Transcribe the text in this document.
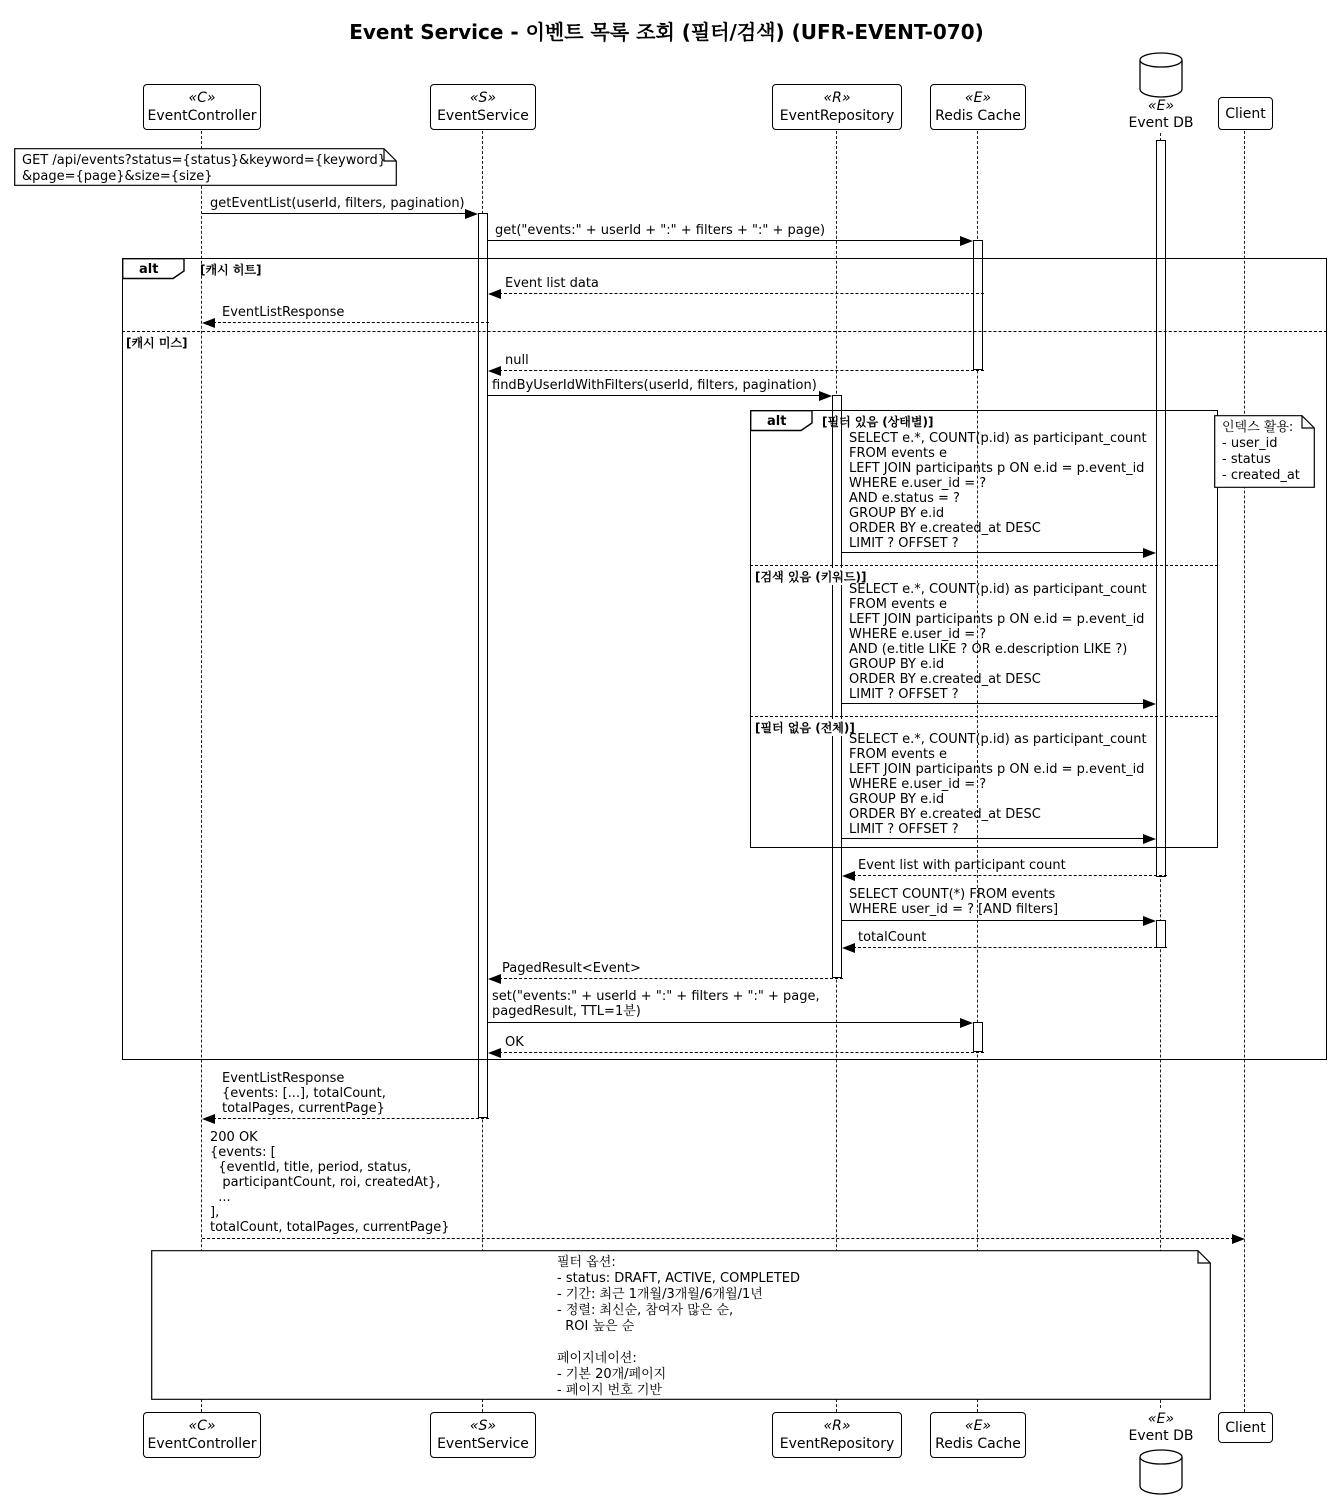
Event Service - 이벤트 목록 조회 (필터/검색) (UFR-EVENT-070)
alt	[캐시 히트]
[캐시 미스]
alt	[필터 있음 (상태별)]
[검색 있음 (키워드)]
[필터 없음 (전체)]
getEventList(userId, filters, pagination)
get("events:" + userId + ":" + filters + ":" + page)
Event list data
EventListResponse
null
findByUserIdWithFilters(userId, filters, pagination)
SELECT e.*, COUNT(p.id) as participant_count
FROM events e
LEFT JOIN participants p ON e.id = p.event_id
WHERE e.user_id = ?
AND e.status = ?
GROUP BY e.id
ORDER BY e.created_at DESC
LIMIT ? OFFSET ?
SELECT e.*, COUNT(p.id) as participant_count
FROM events e
LEFT JOIN participants p ON e.id = p.event_id
WHERE e.user_id = ?
AND (e.title LIKE ? OR e.description LIKE ?)
GROUP BY e.id
ORDER BY e.created_at DESC
LIMIT ? OFFSET ?
SELECT e.*, COUNT(p.id) as participant_count
FROM events e
LEFT JOIN participants p ON e.id = p.event_id
WHERE e.user_id = ?
GROUP BY e.id
ORDER BY e.created_at DESC
LIMIT ? OFFSET ?
Event list with participant count
SELECT COUNT(*) FROM events
WHERE user_id = ? [AND filters]
totalCount
PagedResult<Event>
set("events:" + userId + ":" + filters + ":" + page,
pagedResult, TTL=1분)
OK
EventListResponse
{events: [...], totalCount,
totalPages, currentPage}
200 OK
{events: [
{eventId, title, period, status,
participantCount, roi, createdAt},
...
],
totalCount, totalPages, currentPage}
GET /api/events?status={status}&keyword={keyword}
&page={page}&size={size}
인덱스 활용:
- user_id
- status
- created_at
필터 옵션:
- status: DRAFT, ACTIVE, COMPLETED
- 기간: 최근 1개월/3개월/6개월/1년
- 정렬: 최신순, 참여자 많은 순,
ROI 높은 순

페이지네이션:
- 기본 20개/페이지
- 페이지 번호 기반
«C»
EventController
«C»
EventController
«S»
EventService
«S»
EventService
«R»
EventRepository
«R»
EventRepository
«E»
Redis Cache
«E»
Redis Cache
«E»
Event DB
«E»
Event DB
Client
Client
